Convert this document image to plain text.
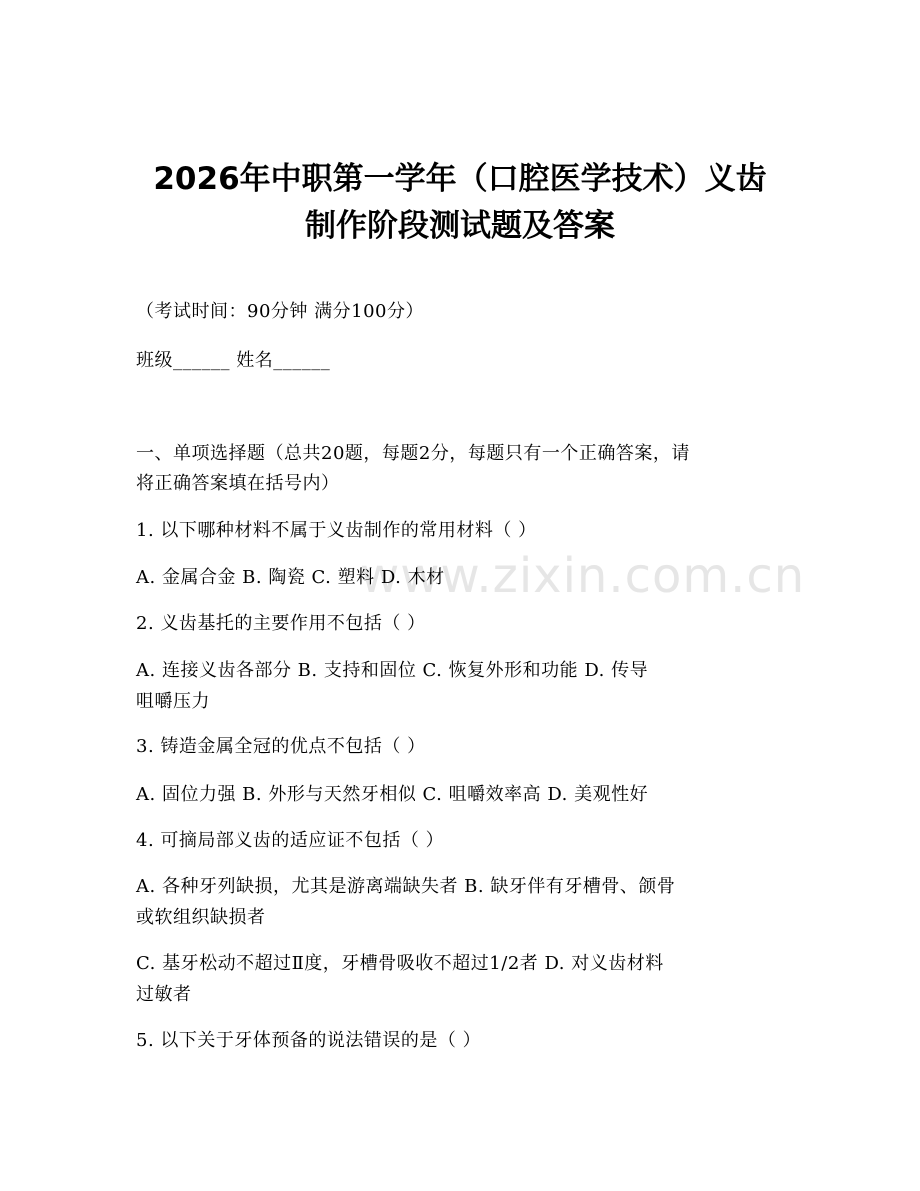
www.zixin.com.cn
2026年中职第一学年（口腔医学技术）义齿
制作阶段测试题及答案
（考试时间：90分钟 满分100分）
班级______ 姓名______
一、单项选择题（总共20题，每题2分，每题只有一个正确答案，请
将正确答案填在括号内）
1. 以下哪种材料不属于义齿制作的常用材料（ ）
A. 金属合金 B. 陶瓷 C. 塑料 D. 木材
2. 义齿基托的主要作用不包括（ ）
A. 连接义齿各部分 B. 支持和固位 C. 恢复外形和功能 D. 传导
咀嚼压力
3. 铸造金属全冠的优点不包括（ ）
A. 固位力强 B. 外形与天然牙相似 C. 咀嚼效率高 D. 美观性好
4. 可摘局部义齿的适应证不包括（ ）
A. 各种牙列缺损，尤其是游离端缺失者 B. 缺牙伴有牙槽骨、颌骨
或软组织缺损者
C. 基牙松动不超过Ⅱ度，牙槽骨吸收不超过1/2者 D. 对义齿材料
过敏者
5. 以下关于牙体预备的说法错误的是（ ）
